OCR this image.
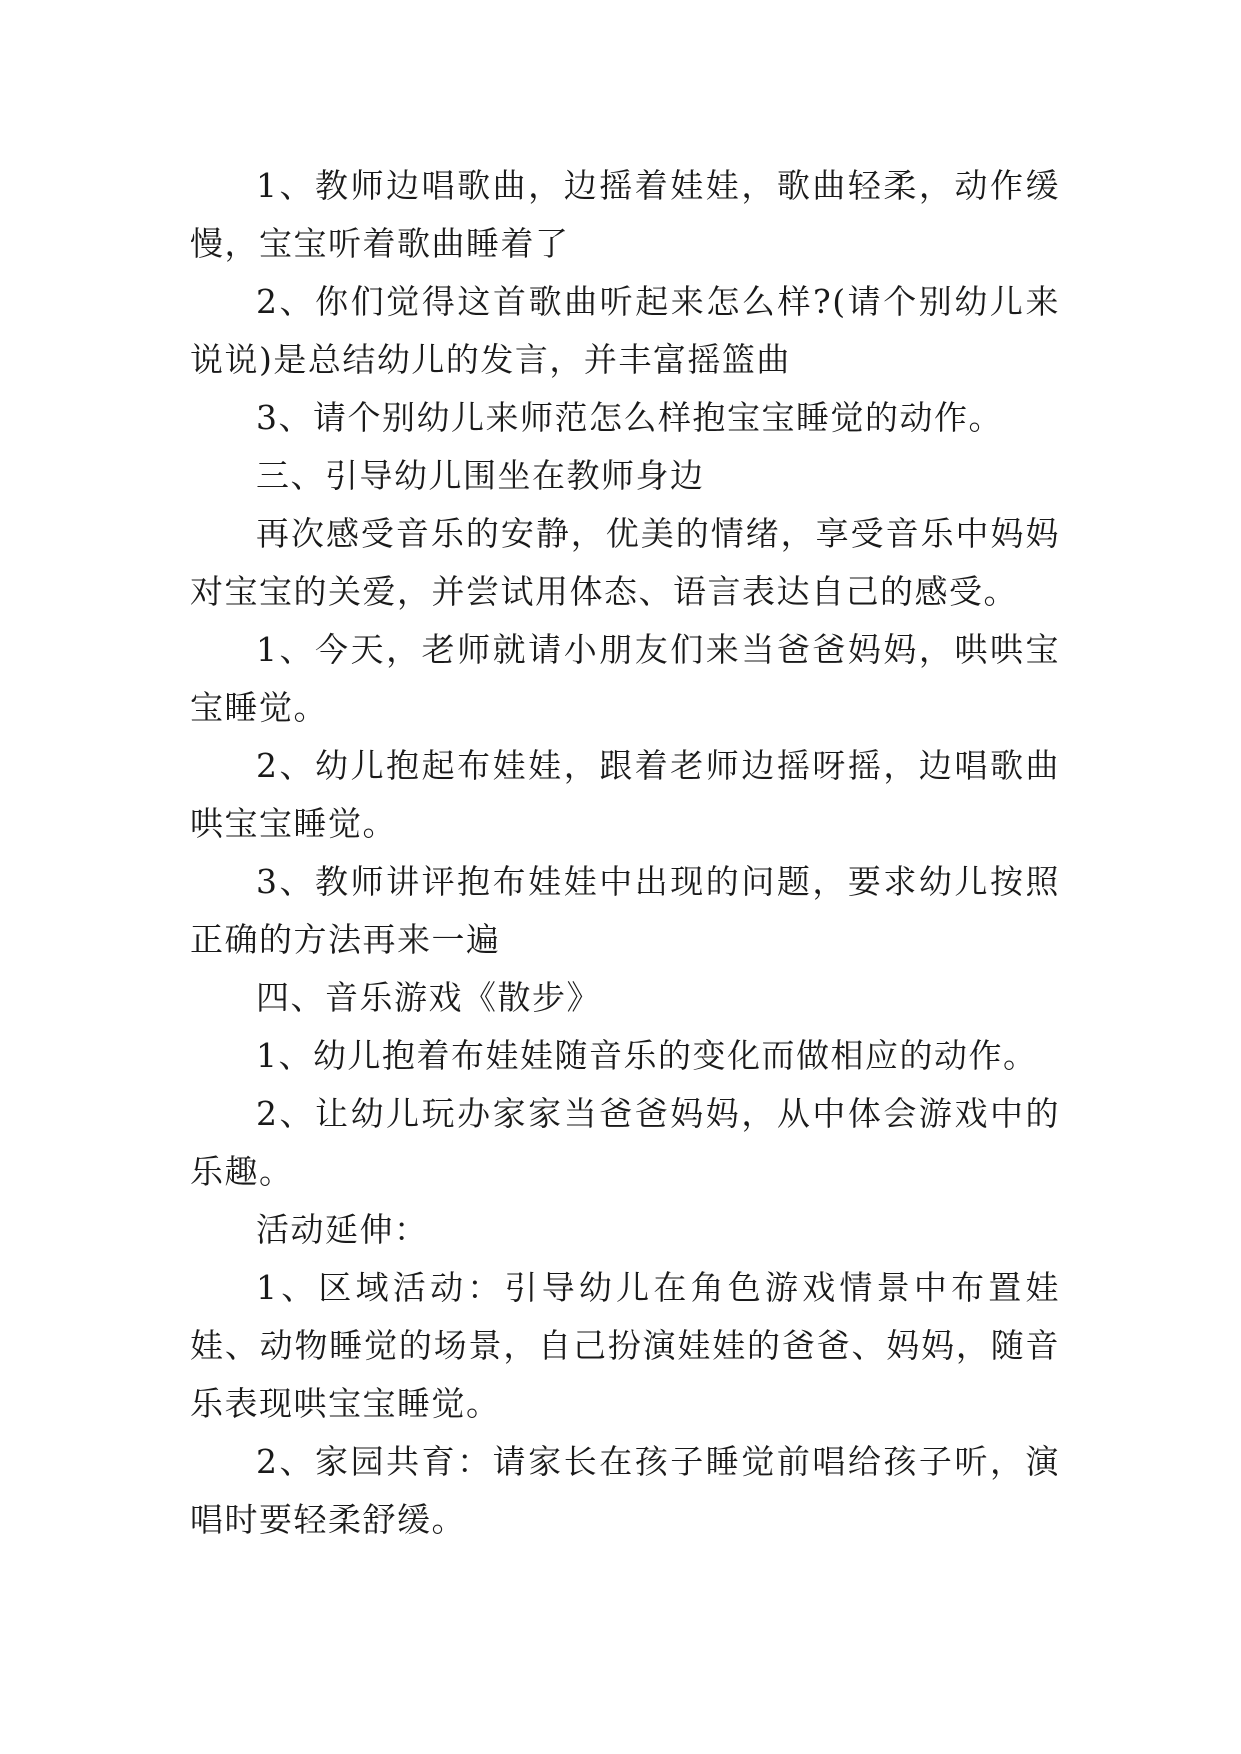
1、教师边唱歌曲，边摇着娃娃，歌曲轻柔，动作缓慢，宝宝听着歌曲睡着了

2、你们觉得这首歌曲听起来怎么样?(请个别幼儿来说说)是总结幼儿的发言，并丰富摇篮曲

3、请个别幼儿来师范怎么样抱宝宝睡觉的动作。

三、引导幼儿围坐在教师身边

再次感受音乐的安静，优美的情绪，享受音乐中妈妈对宝宝的关爱，并尝试用体态、语言表达自己的感受。

1、今天，老师就请小朋友们来当爸爸妈妈，哄哄宝宝睡觉。

2、幼儿抱起布娃娃，跟着老师边摇呀摇，边唱歌曲哄宝宝睡觉。

3、教师讲评抱布娃娃中出现的问题，要求幼儿按照正确的方法再来一遍

四、音乐游戏《散步》

1、幼儿抱着布娃娃随音乐的变化而做相应的动作。

2、让幼儿玩办家家当爸爸妈妈，从中体会游戏中的乐趣。

活动延伸：

1、区域活动：引导幼儿在角色游戏情景中布置娃娃、动物睡觉的场景，自己扮演娃娃的爸爸、妈妈，随音乐表现哄宝宝睡觉。

2、家园共育：请家长在孩子睡觉前唱给孩子听，演唱时要轻柔舒缓。
